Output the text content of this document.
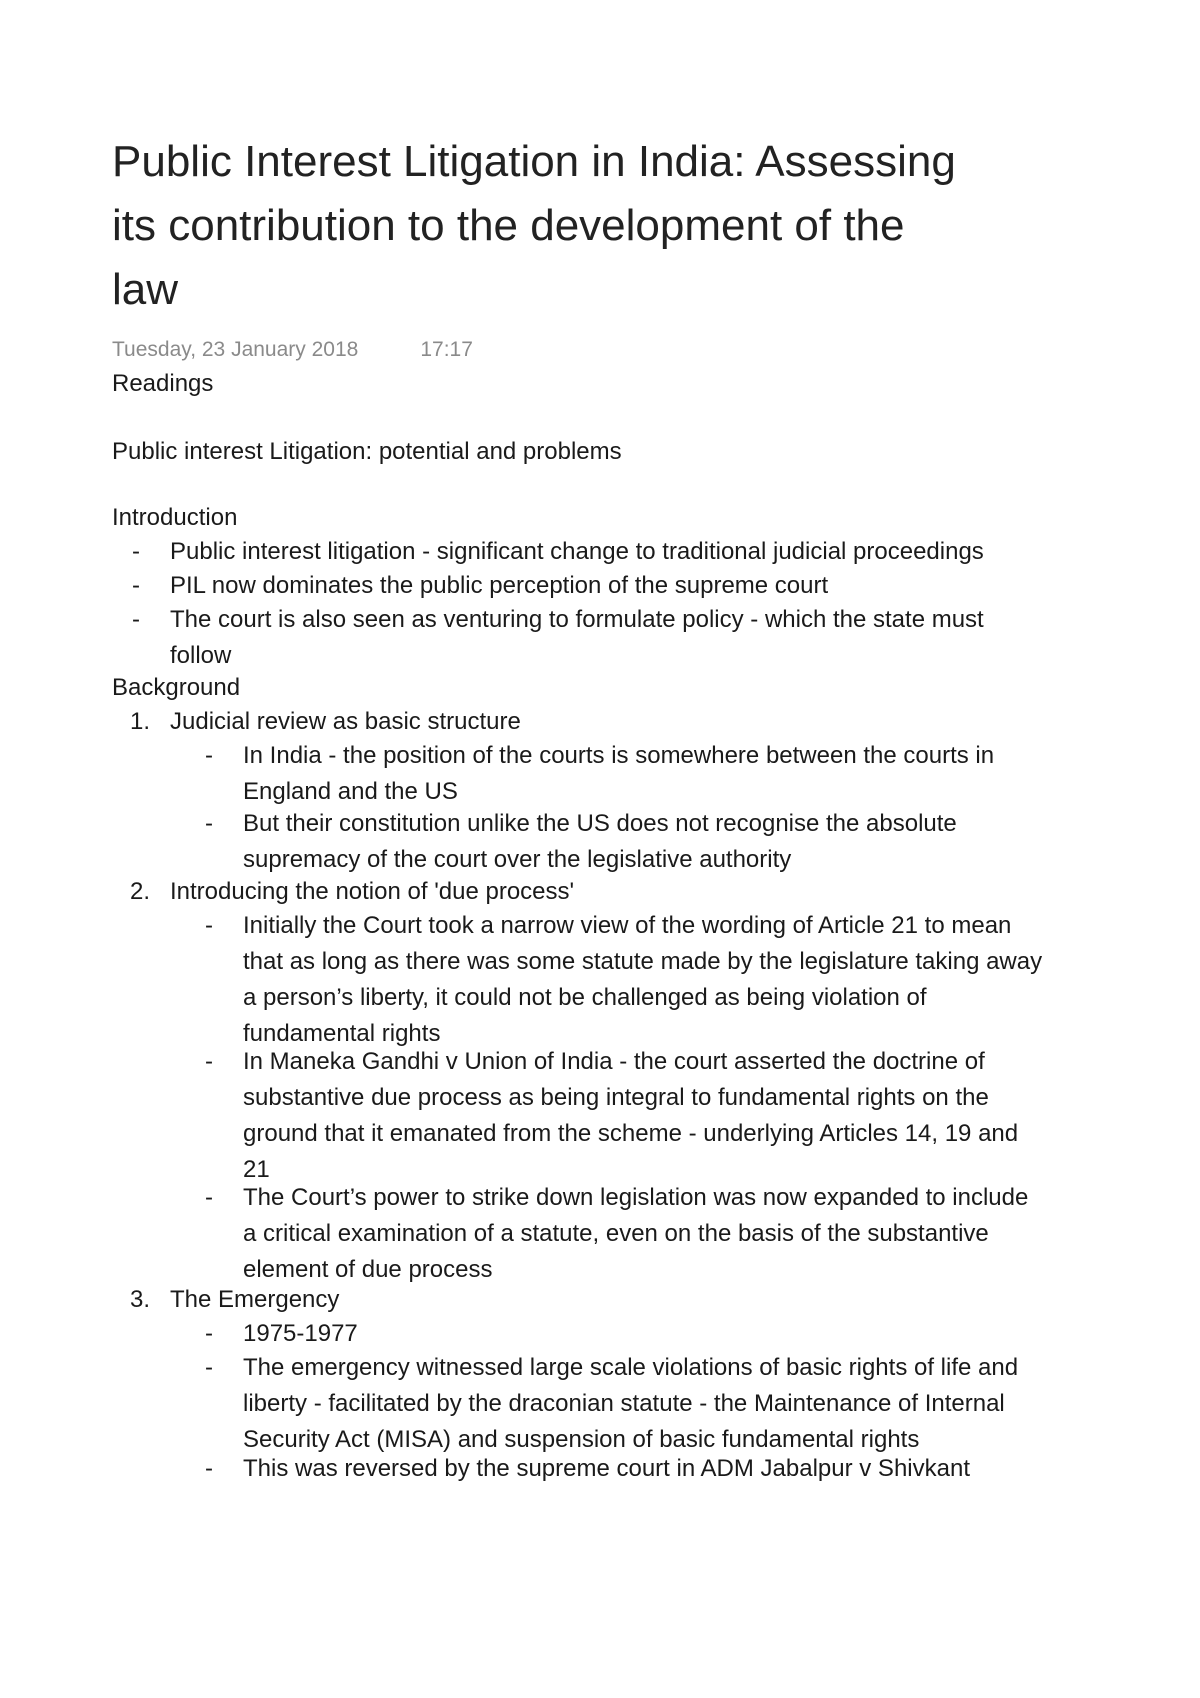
Public Interest Litigation in India: Assessing
its contribution to the development of the
law
Tuesday, 23 January 2018	17:17
Readings
Public interest Litigation: potential and problems
Introduction
-	Public interest litigation - significant change to traditional judicial proceedings
-	PIL now dominates the public perception of the supreme court
-	The court is also seen as venturing to formulate policy - which the state must
follow
Background
1. Judicial review as basic structure
-	In India - the position of the courts is somewhere between the courts in
England and the US
-	But their constitution unlike the US does not recognise the absolute
supremacy of the court over the legislative authority
2. Introducing the notion of 'due process'
-	Initially the Court took a narrow view of the wording of Article 21 to mean
that as long as there was some statute made by the legislature taking away
a person’s liberty, it could not be challenged as being violation of
fundamental rights
-	In Maneka Gandhi v Union of India - the court asserted the doctrine of
substantive due process as being integral to fundamental rights on the
ground that it emanated from the scheme - underlying Articles 14, 19 and
21
-	The Court’s power to strike down legislation was now expanded to include
a critical examination of a statute, even on the basis of the substantive
element of due process
3. The Emergency
-	1975-1977
-	The emergency witnessed large scale violations of basic rights of life and
liberty - facilitated by the draconian statute - the Maintenance of Internal
Security Act (MISA) and suspension of basic fundamental rights
-	This was reversed by the supreme court in ADM Jabalpur v Shivkant
